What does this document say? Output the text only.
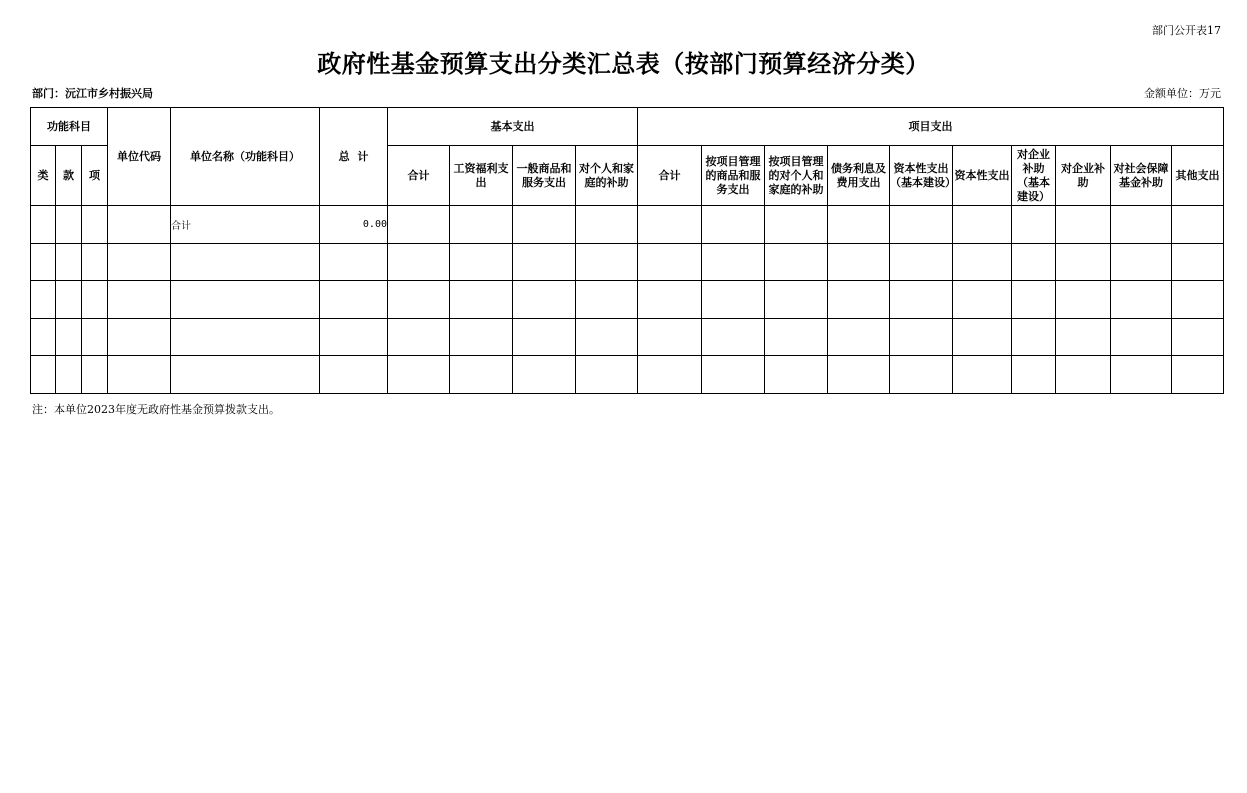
部门公开表17
政府性基金预算支出分类汇总表（按部门预算经济分类）
部门：沅江市乡村振兴局	金额单位：万元
功能科目			单位代码	单位名称（功能科目）	总  计	基本支出				项目支出									
类	款	项				合计	工资福利支出	一般商品和服务支出	对个人和家庭的补助	合计	按项目管理的商品和服务支出	按项目管理的对个人和家庭的补助	债务利息及费用支出	资本性支出（基本建设）	资本性支出	对企业补助（基本建设）	对企业补助	对社会保障基金补助	其他支出
				合计	0.00														

注：本单位2023年度无政府性基金预算拨款支出。
